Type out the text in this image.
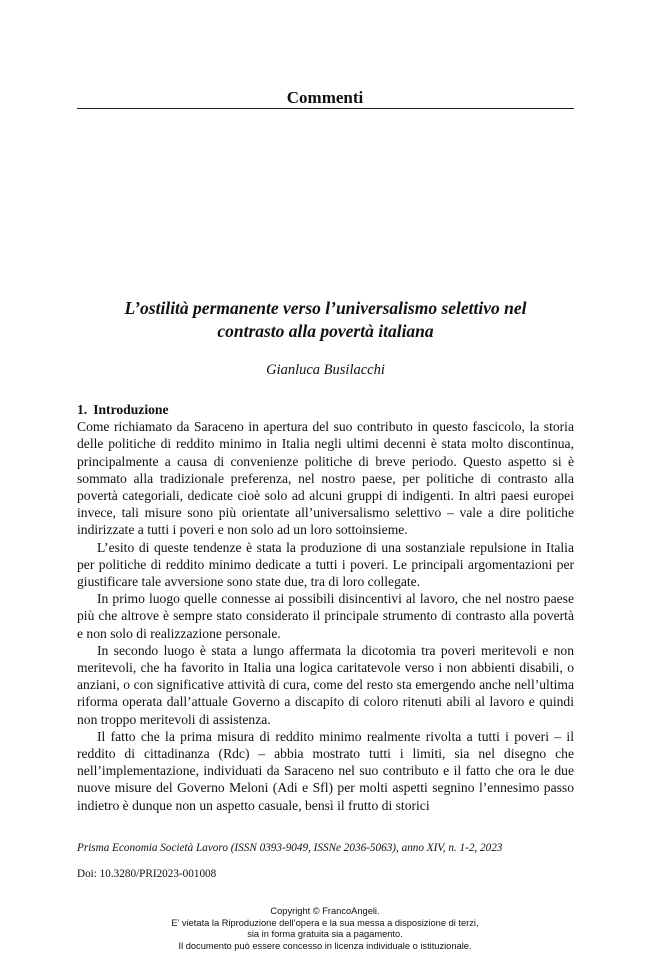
Commenti
L’ostilità permanente verso l’universalismo selettivo nel
contrasto alla povertà italiana
Gianluca Busilacchi
1. Introduzione

Come richiamato da Saraceno in apertura del suo contributo in questo fascicolo, la storia delle politiche di reddito minimo in Italia negli ultimi decenni è stata molto discontinua, principalmente a causa di convenienze politiche di breve periodo. Questo aspetto si è sommato alla tradizionale preferenza, nel nostro paese, per politiche di contrasto alla povertà categoriali, dedicate cioè solo ad alcuni gruppi di indigenti. In altri paesi europei invece, tali misure sono più orientate all’universalismo selettivo – vale a dire politiche indirizzate a tutti i poveri e non solo ad un loro sottoinsieme.

L’esito di queste tendenze è stata la produzione di una sostanziale repulsione in Italia per politiche di reddito minimo dedicate a tutti i poveri. Le principali argomentazioni per giustificare tale avversione sono state due, tra di loro collegate.

In primo luogo quelle connesse ai possibili disincentivi al lavoro, che nel nostro paese più che altrove è sempre stato considerato il principale strumento di contrasto alla povertà e non solo di realizzazione personale.

In secondo luogo è stata a lungo affermata la dicotomia tra poveri meritevoli e non meritevoli, che ha favorito in Italia una logica caritatevole verso i non abbienti disabili, o anziani, o con significative attività di cura, come del resto sta emergendo anche nell’ultima riforma operata dall’attuale Governo a discapito di coloro ritenuti abili al lavoro e quindi non troppo meritevoli di assistenza.

Il fatto che la prima misura di reddito minimo realmente rivolta a tutti i poveri – il reddito di cittadinanza (Rdc) – abbia mostrato tutti i limiti, sia nel disegno che nell’implementazione, individuati da Saraceno nel suo contributo e il fatto che ora le due nuove misure del Governo Meloni (Adi e Sfl) per molti aspetti segnino l’ennesimo passo indietro è dunque non un aspetto casuale, bensì il frutto di storici

Prisma Economia Società Lavoro (ISSN 0393-9049, ISSNe 2036-5063), anno XIV, n. 1-2, 2023
Doi: 10.3280/PRI2023-001008
Copyright © FrancoAngeli.
E’ vietata la Riproduzione dell’opera e la sua messa a disposizione di terzi,
sia in forma gratuita sia a pagamento.
Il documento può essere concesso in licenza individuale o istituzionale.
